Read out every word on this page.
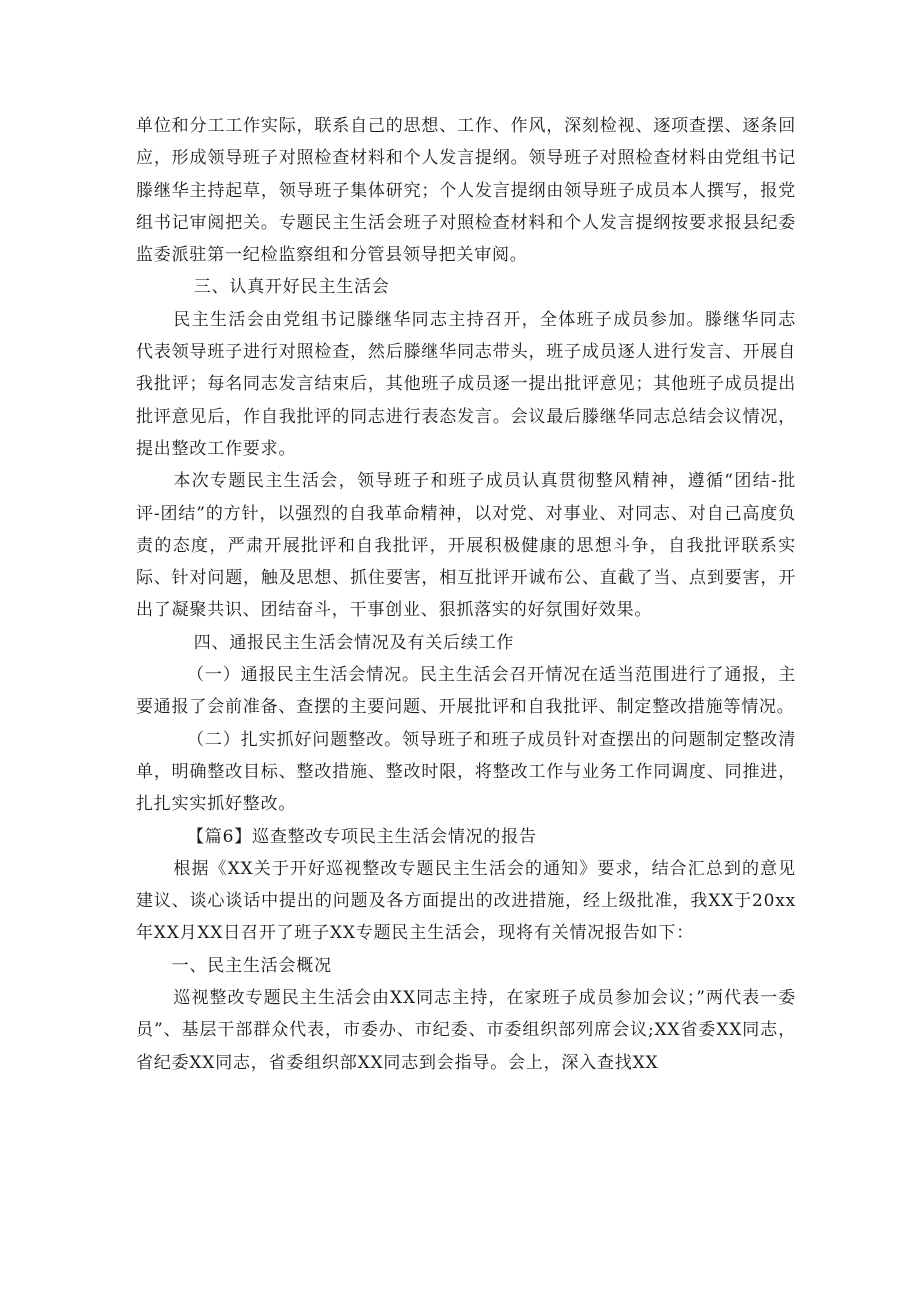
单位和分工工作实际，联系自己的思想、工作、作风，深刻检视、逐项查摆、逐条回应，形成领导班子对照检查材料和个人发言提纲。领导班子对照检查材料由党组书记滕继华主持起草，领导班子集体研究；个人发言提纲由领导班子成员本人撰写，报党组书记审阅把关。专题民主生活会班子对照检查材料和个人发言提纲按要求报县纪委监委派驻第一纪检监察组和分管县领导把关审阅。

三、认真开好民主生活会

民主生活会由党组书记滕继华同志主持召开，全体班子成员参加。滕继华同志代表领导班子进行对照检查，然后滕继华同志带头，班子成员逐人进行发言、开展自我批评；每名同志发言结束后，其他班子成员逐一提出批评意见；其他班子成员提出批评意见后，作自我批评的同志进行表态发言。会议最后滕继华同志总结会议情况，提出整改工作要求。

本次专题民主生活会，领导班子和班子成员认真贯彻整风精神，遵循“团结-批评-团结”的方针，以强烈的自我革命精神，以对党、对事业、对同志、对自己高度负责的态度，严肃开展批评和自我批评，开展积极健康的思想斗争，自我批评联系实际、针对问题，触及思想、抓住要害，相互批评开诚布公、直截了当、点到要害，开出了凝聚共识、团结奋斗，干事创业、狠抓落实的好氛围好效果。

四、通报民主生活会情况及有关后续工作

（一）通报民主生活会情况。民主生活会召开情况在适当范围进行了通报，主要通报了会前准备、查摆的主要问题、开展批评和自我批评、制定整改措施等情况。

（二）扎实抓好问题整改。领导班子和班子成员针对查摆出的问题制定整改清单，明确整改目标、整改措施、整改时限，将整改工作与业务工作同调度、同推进，扎扎实实抓好整改。

【篇6】巡查整改专项民主生活会情况的报告

根据《XX关于开好巡视整改专题民主生活会的通知》要求，结合汇总到的意见建议、谈心谈话中提出的问题及各方面提出的改进措施，经上级批准，我XX于20xx年XX月XX日召开了班子XX专题民主生活会，现将有关情况报告如下：

一、民主生活会概况

巡视整改专题民主生活会由XX同志主持，在家班子成员参加会议；”两代表一委员”、基层干部群众代表，市委办、市纪委、市委组织部列席会议;XX省委XX同志，省纪委XX同志，省委组织部XX同志到会指导。会上，深入查找XX
